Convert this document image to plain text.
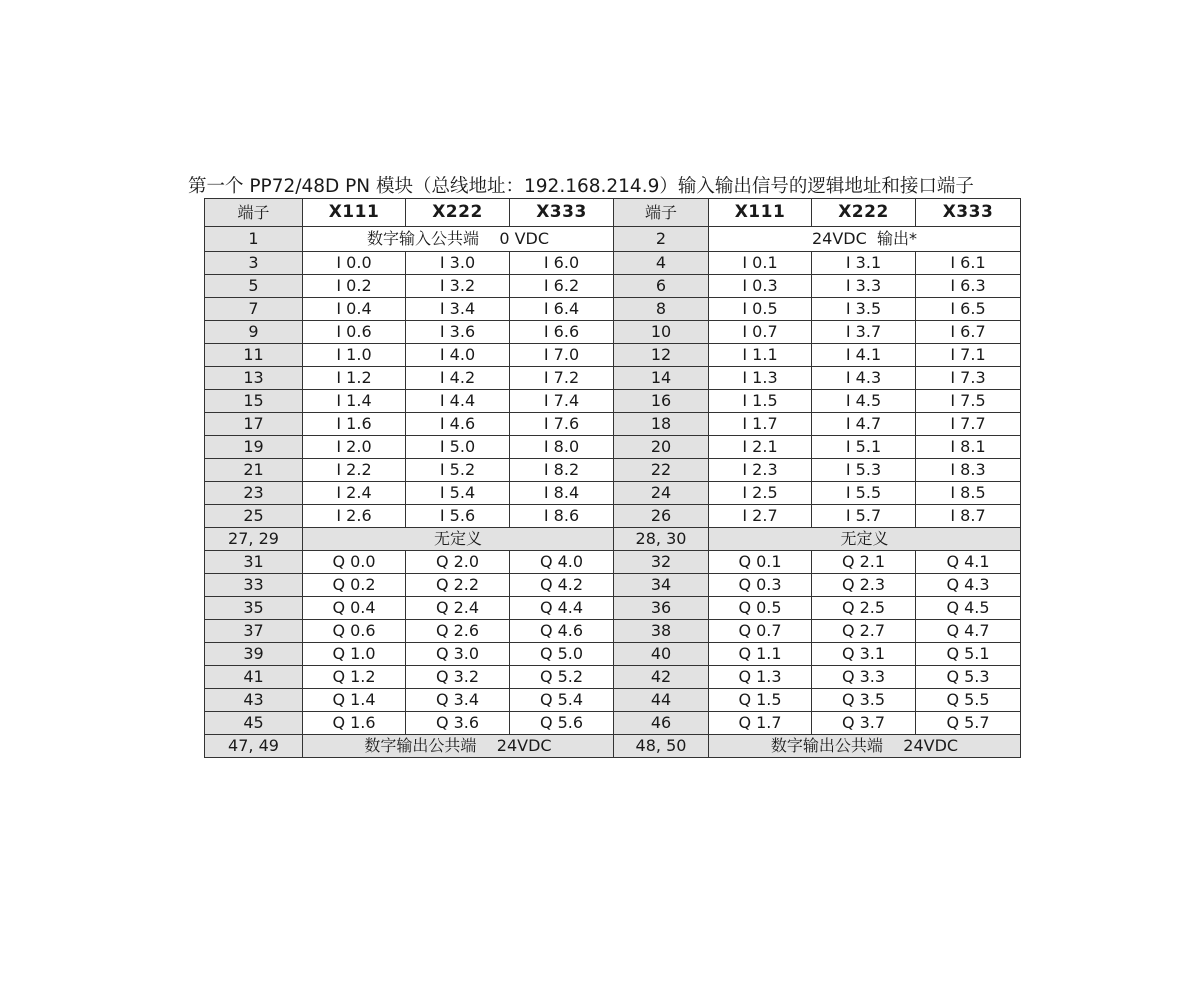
第一个 PP72/48D PN 模块（总线地址：192.168.214.9）输入输出信号的逻辑地址和接口端子
端子	X111	X222	X333	端子	X111	X222	X333
1	数字输入公共端    0 VDC			2	24VDC  输出*		
3	I 0.0	I 3.0	I 6.0	4	I 0.1	I 3.1	I 6.1
5	I 0.2	I 3.2	I 6.2	6	I 0.3	I 3.3	I 6.3
7	I 0.4	I 3.4	I 6.4	8	I 0.5	I 3.5	I 6.5
9	I 0.6	I 3.6	I 6.6	10	I 0.7	I 3.7	I 6.7
11	I 1.0	I 4.0	I 7.0	12	I 1.1	I 4.1	I 7.1
13	I 1.2	I 4.2	I 7.2	14	I 1.3	I 4.3	I 7.3
15	I 1.4	I 4.4	I 7.4	16	I 1.5	I 4.5	I 7.5
17	I 1.6	I 4.6	I 7.6	18	I 1.7	I 4.7	I 7.7
19	I 2.0	I 5.0	I 8.0	20	I 2.1	I 5.1	I 8.1
21	I 2.2	I 5.2	I 8.2	22	I 2.3	I 5.3	I 8.3
23	I 2.4	I 5.4	I 8.4	24	I 2.5	I 5.5	I 8.5
25	I 2.6	I 5.6	I 8.6	26	I 2.7	I 5.7	I 8.7
27, 29	无定义			28, 30	无定义		
31	Q 0.0	Q 2.0	Q 4.0	32	Q 0.1	Q 2.1	Q 4.1
33	Q 0.2	Q 2.2	Q 4.2	34	Q 0.3	Q 2.3	Q 4.3
35	Q 0.4	Q 2.4	Q 4.4	36	Q 0.5	Q 2.5	Q 4.5
37	Q 0.6	Q 2.6	Q 4.6	38	Q 0.7	Q 2.7	Q 4.7
39	Q 1.0	Q 3.0	Q 5.0	40	Q 1.1	Q 3.1	Q 5.1
41	Q 1.2	Q 3.2	Q 5.2	42	Q 1.3	Q 3.3	Q 5.3
43	Q 1.4	Q 3.4	Q 5.4	44	Q 1.5	Q 3.5	Q 5.5
45	Q 1.6	Q 3.6	Q 5.6	46	Q 1.7	Q 3.7	Q 5.7
47, 49	数字输出公共端    24VDC			48, 50	数字输出公共端    24VDC		
